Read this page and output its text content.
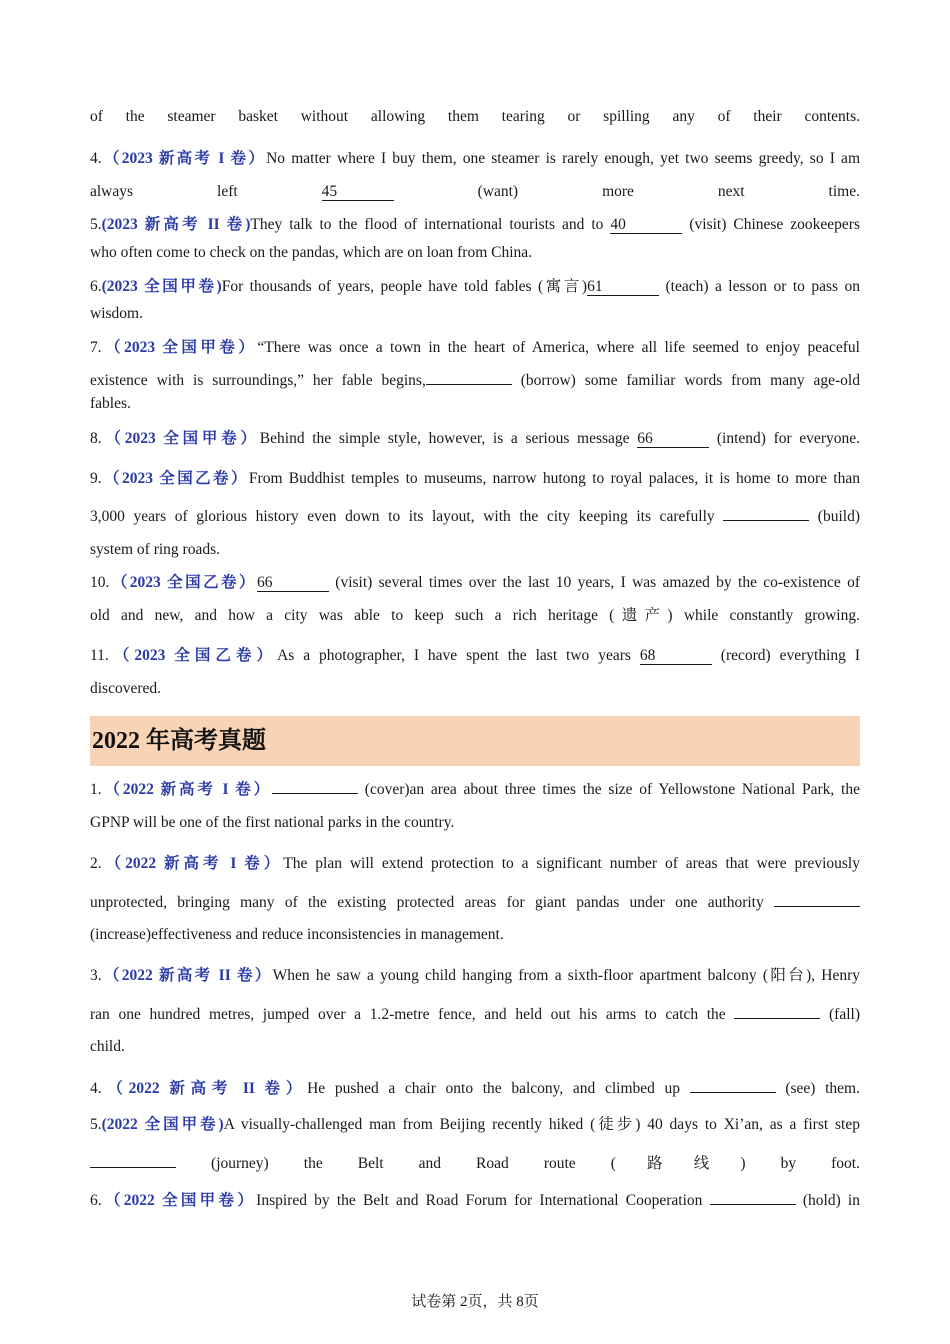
of the steamer basket without allowing them tearing or spilling any of their contents.
4.（2023 新高考 I 卷）No matter where I buy them, one steamer is rarely enough, yet two seems greedy, so I am
always left 45	(want) more next time.
5.(2023 新高考 II 卷)They talk to the flood of international tourists and to 40	(visit) Chinese zookeepers
who often come to check on the pandas, which are on loan from China.
6.(2023 全国甲卷)For thousands of years, people have told fables (寓言)61	(teach) a lesson or to pass on
wisdom.
7.（2023 全国甲卷）“There was once a town in the heart of America, where all life seemed to enjoy peaceful
existence with is surroundings,” her fable begins,	(borrow) some familiar words from many age-old
fables.
8.（2023 全国甲卷）Behind the simple style, however, is a serious message 66	(intend) for everyone.
9.（2023 全国乙卷）From Buddhist temples to museums, narrow hutong to royal palaces, it is home to more than
3,000 years of glorious history even down to its layout, with the city keeping its carefully	(build)
system of ring roads.
10.（2023 全国乙卷）66	(visit) several times over the last 10 years, I was amazed by the co-existence of
old and new, and how a city was able to keep such a rich heritage (遗产) while constantly growing.
11.（2023 全国乙卷）As a photographer, I have spent the last two years 68	(record) everything I
discovered.
2022 年高考真题
1.（2022 新高考 I 卷）	(cover)an area about three times the size of Yellowstone National Park, the
GPNP will be one of the first national parks in the country.
2.（2022 新高考 I 卷）The plan will extend protection to a significant number of areas that were previously
unprotected, bringing many of the existing protected areas for giant pandas under one authority
(increase)effectiveness and reduce inconsistencies in management.
3.（2022 新高考 II 卷）When he saw a young child hanging from a sixth-floor apartment balcony (阳台), Henry
ran one hundred metres, jumped over a 1.2-metre fence, and held out his arms to catch the	(fall)
child.
4.（2022 新高考 II 卷）He pushed a chair onto the balcony, and climbed up	(see) them.
5.(2022 全国甲卷)A visually-challenged man from Beijing recently hiked (徒步) 40 days to Xi’an, as a first step
(journey) the Belt and Road route (路线) by foot.
6.（2022 全国甲卷）Inspired by the Belt and Road Forum for International Cooperation	(hold) in
试卷第 2页，共 8页
